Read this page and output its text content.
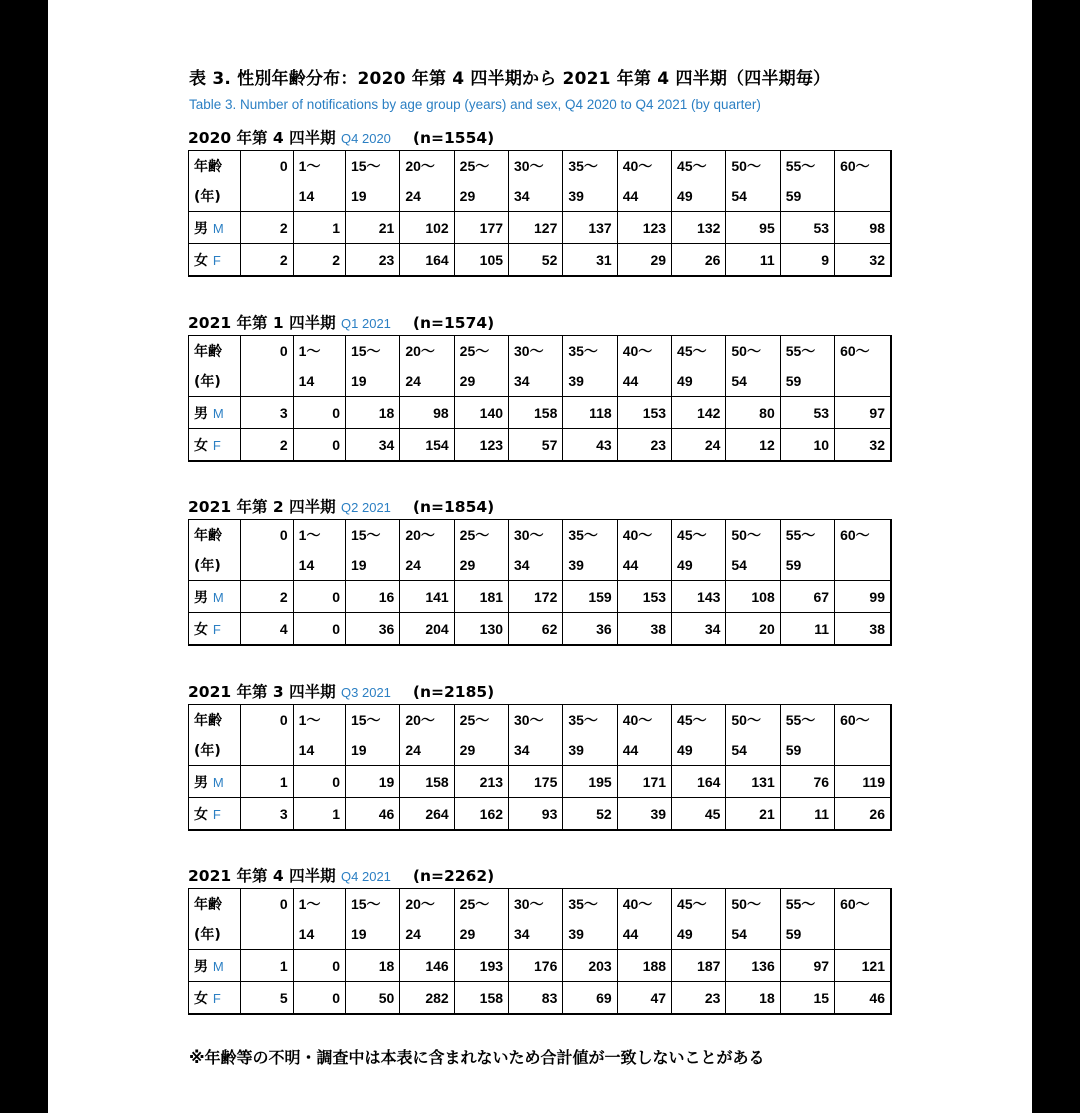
表 3. 性別年齢分布：2020 年第 4 四半期から 2021 年第 4 四半期（四半期毎）
Table 3. Number of notifications by age group (years) and sex, Q4 2020 to Q4 2021 (by quarter)
2020 年第 4 四半期 Q4 2020 (n=1554)
年齢	0	1〜	15〜	20〜	25〜	30〜	35〜	40〜	45〜	50〜	55〜	60〜
(年)		14	19	24	29	34	39	44	49	54	59	
男 M	2	1	21	102	177	127	137	123	132	95	53	98
女 F	2	2	23	164	105	52	31	29	26	11	9	32
2021 年第 1 四半期 Q1 2021 (n=1574)
年齢	0	1〜	15〜	20〜	25〜	30〜	35〜	40〜	45〜	50〜	55〜	60〜
(年)		14	19	24	29	34	39	44	49	54	59	
男 M	3	0	18	98	140	158	118	153	142	80	53	97
女 F	2	0	34	154	123	57	43	23	24	12	10	32
2021 年第 2 四半期 Q2 2021 (n=1854)
年齢	0	1〜	15〜	20〜	25〜	30〜	35〜	40〜	45〜	50〜	55〜	60〜
(年)		14	19	24	29	34	39	44	49	54	59	
男 M	2	0	16	141	181	172	159	153	143	108	67	99
女 F	4	0	36	204	130	62	36	38	34	20	11	38
2021 年第 3 四半期 Q3 2021 (n=2185)
年齢	0	1〜	15〜	20〜	25〜	30〜	35〜	40〜	45〜	50〜	55〜	60〜
(年)		14	19	24	29	34	39	44	49	54	59	
男 M	1	0	19	158	213	175	195	171	164	131	76	119
女 F	3	1	46	264	162	93	52	39	45	21	11	26
2021 年第 4 四半期 Q4 2021 (n=2262)
年齢	0	1〜	15〜	20〜	25〜	30〜	35〜	40〜	45〜	50〜	55〜	60〜
(年)		14	19	24	29	34	39	44	49	54	59	
男 M	1	0	18	146	193	176	203	188	187	136	97	121
女 F	5	0	50	282	158	83	69	47	23	18	15	46
※年齢等の不明・調査中は本表に含まれないため合計値が一致しないことがある
